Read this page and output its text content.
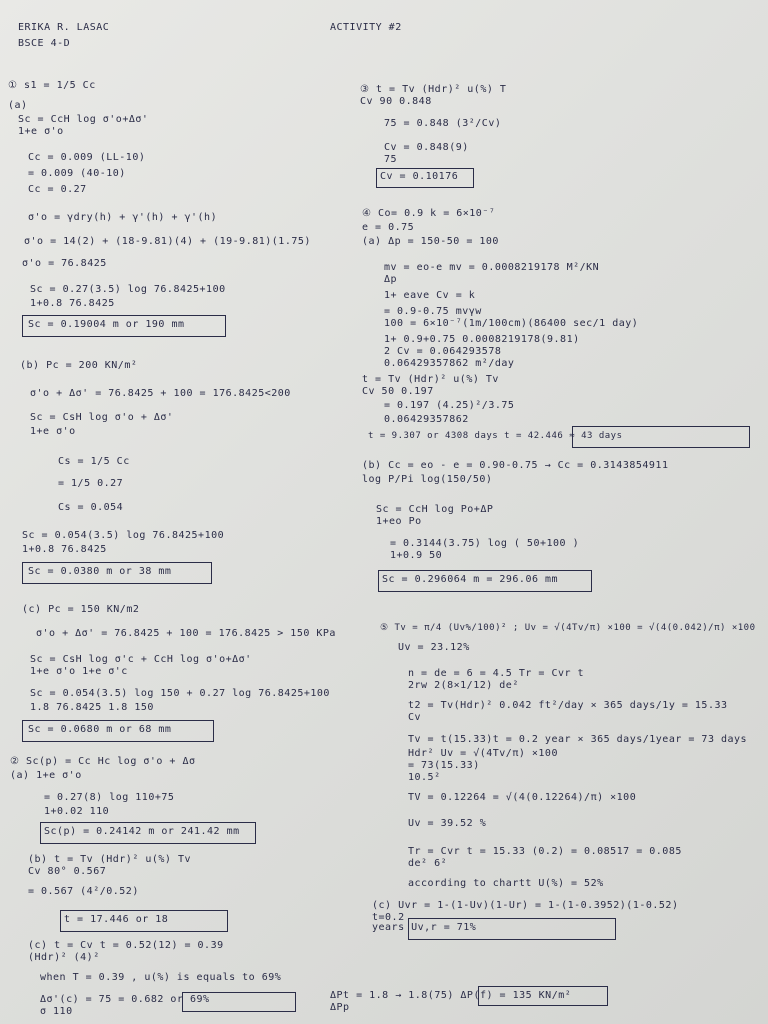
ERIKA R. LASAC
BSCE 4-D
ACTIVITY #2
① s1 = 1/5 Cc
(a)
Sc = CcH log σ'o+Δσ'
1+e σ'o
Cc = 0.009 (LL-10)
= 0.009 (40-10)
Cc = 0.27
σ'o = γdry(h) + γ'(h) + γ'(h)
σ'o = 14(2) + (18-9.81)(4) + (19-9.81)(1.75)
σ'o = 76.8425
Sc = 0.27(3.5) log 76.8425+100
1+0.8 76.8425
Sc = 0.19004 m or 190 mm
(b) Pc = 200 KN/m²
σ'o + Δσ' = 76.8425 + 100 = 176.8425<200
Sc = CsH log σ'o + Δσ'
1+e σ'o
Cs = 1/5 Cc
= 1/5 0.27
Cs = 0.054
Sc = 0.054(3.5) log 76.8425+100
1+0.8 76.8425
Sc = 0.0380 m or 38 mm
(c) Pc = 150 KN/m2
σ'o + Δσ' = 76.8425 + 100 = 176.8425 > 150 KPa
Sc = CsH log σ'c + CcH log σ'o+Δσ'
1+e σ'o 1+e σ'c
Sc = 0.054(3.5) log 150 + 0.27 log 76.8425+100
1.8 76.8425 1.8 150
Sc = 0.0680 m or 68 mm
② Sc(p) = Cc Hc log σ'o + Δσ
(a) 1+e σ'o
= 0.27(8) log 110+75
1+0.02 110
Sc(p) = 0.24142 m or 241.42 mm
(b) t = Tv (Hdr)² u(%) Tv
Cv 80° 0.567
= 0.567 (4²/0.52)
t = 17.446 or 18
(c) t = Cv t = 0.52(12) = 0.39
(Hdr)² (4)²
when T = 0.39 , u(%) is equals to 69%
Δσ'(c) = 75 = 0.682 or 69%
σ 110
③ t = Tv (Hdr)² u(%) T
Cv 90 0.848
75 = 0.848 (3²/Cv)
Cv = 0.848(9)
75
Cv = 0.10176
④ Co= 0.9 k = 6×10⁻⁷
e = 0.75
(a) Δp = 150-50 = 100
mv = eo-e mv = 0.0008219178 M²/KN
Δp
1+ eave Cv = k
= 0.9-0.75 mvγw
100 = 6×10⁻⁷(1m/100cm)(86400 sec/1 day)
1+ 0.9+0.75 0.0008219178(9.81)
2 Cv = 0.064293578
0.06429357862 m²/day
t = Tv (Hdr)² u(%) Tv
Cv 50 0.197
= 0.197 (4.25)²/3.75
0.06429357862
t = 9.307 or 4308 days t = 42.446 ≈ 43 days
(b) Cc = eo - e = 0.90-0.75 → Cc = 0.3143854911
log P/Pi log(150/50)
Sc = CcH log Po+ΔP
1+eo Po
= 0.3144(3.75) log ( 50+100 )
1+0.9 50
Sc = 0.296064 m = 296.06 mm
⑤ Tv = π/4 (Uv%/100)² ; Uv = √(4Tv/π) ×100 = √(4(0.042)/π) ×100
Uv = 23.12%
n = de = 6 = 4.5 Tr = Cvr t
2rw 2(8×1/12) de²
t2 = Tv(Hdr)² 0.042 ft²/day × 365 days/1y = 15.33
Cv
Tv = t(15.33)t = 0.2 year × 365 days/1year = 73 days
Hdr² Uv = √(4Tv/π) ×100
= 73(15.33)
10.5²
TV = 0.12264 = √(4(0.12264)/π) ×100
Uv = 39.52 %
Tr = Cvr t = 15.33 (0.2) = 0.08517 = 0.085
de² 6²
according to chartt U(%) = 52%
(c) Uvr = 1-(1-Uv)(1-Ur) = 1-(1-0.3952)(1-0.52)
t=0.2
years Uv,r = 71%
ΔPt = 1.8 → 1.8(75) ΔP(f) = 135 KN/m²
ΔPp
